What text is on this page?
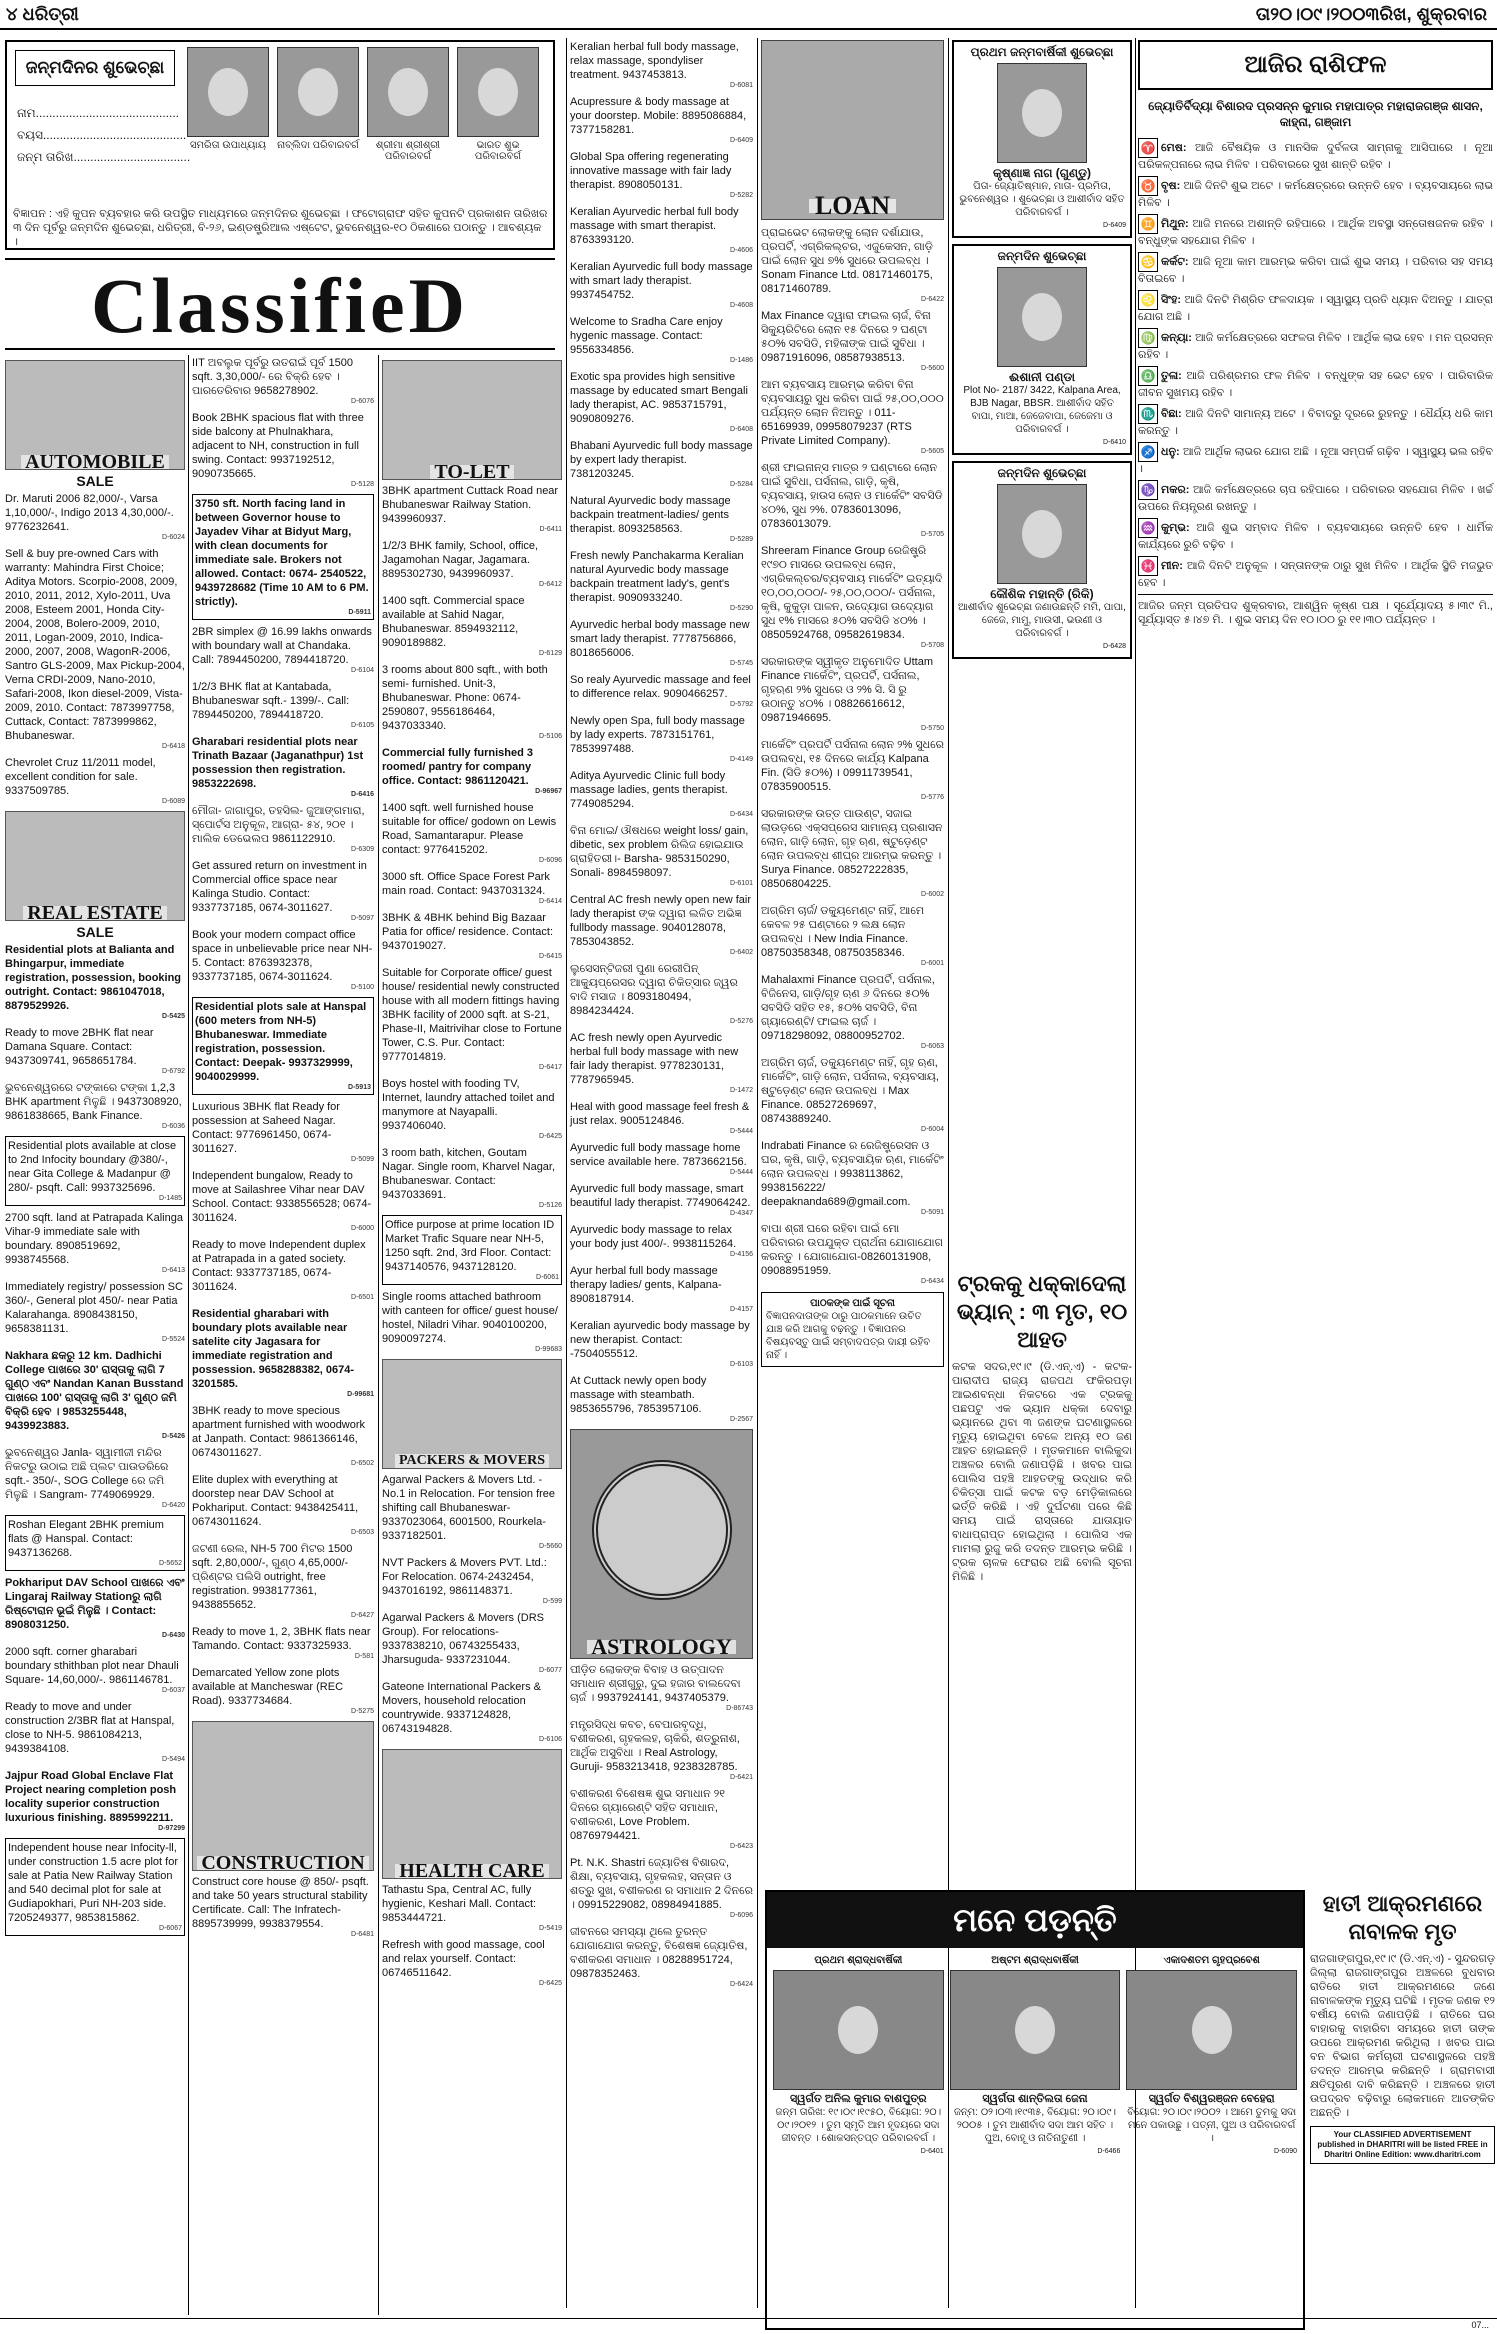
୪ ଧରିତ୍ରୀ	ତା୨୦।୦୯।୨୦୦୩ରିଖ, ଶୁକ୍ରବାର
ଜନ୍ମଦିନର ଶୁଭେଚ୍ଛା
ନାମ...........................................
ବୟସ...........................................
ଜନ୍ମ ତାରିଖ...................................
ସମରିତା ଉପାଧ୍ୟାୟ	ନାବ୍ଲିଦା ପରିବାରବର୍ଗ	ଶ୍ରୀମା ଶ୍ରୀଶ୍ରୀ ପରିବାରବର୍ଗ
ଭାରତ ଶୁଭ ପରିବାରବର୍ଗ
ବିଜ୍ଞାପନ : ଏହି କୁପନ ବ୍ୟବହାର କରି ଉପସ୍ଥିତ ମାଧ୍ୟମରେ ଜନ୍ମଦିନର ଶୁଭେଚ୍ଛା । ଫଟୋଗ୍ରାଫ ସହିତ କୁପନଟି ପ୍ରକାଶନ ତାରିଖର ୩ ଦିନ ପୂର୍ବରୁ ଜନ୍ମଦିନ ଶୁଭେଚ୍ଛା, ଧରିତ୍ରୀ, ବି-୨୬, ଇଣ୍ଡଷ୍ଟ୍ରିଆଲ ଏଷ୍ଟେଟ, ଭୁବନେଶ୍ୱର-୧୦ ଠିକଣାରେ ପଠାନ୍ତୁ । ଆବଶ୍ୟକ ।
ClassifieD
AUTOMOBILE
SALE
Dr. Maruti 2006 82,000/-, Varsa 1,10,000/-, Indigo 2013 4,30,000/-. 9776232641.
D-6024
Sell & buy pre-owned Cars with warranty: Mahindra First Choice; Aditya Motors. Scorpio-2008, 2009, 2010, 2011, 2012, Xylo-2011, Uva 2008, Esteem 2001, Honda City-2004, 2008, Bolero-2009, 2010, 2011, Logan-2009, 2010, Indica-2000, 2007, 2008, WagonR-2006, Santro GLS-2009, Max Pickup-2004, Verna CRDI-2009, Nano-2010, Safari-2008, Ikon diesel-2009, Vista-2009, 2010. Contact: 7873997758, Cuttack, Contact: 7873999862, Bhubaneswar.
D-6418
Chevrolet Cruz 11/2011 model, excellent condition for sale. 9337509785.
D-6089
REAL ESTATE
SALE
Residential plots at Balianta and Bhingarpur, immediate registration, possession, booking outright. Contact: 9861047018, 8879529926.
D-5425
Ready to move 2BHK flat near Damana Square. Contact: 9437309741, 9658651784.
D-6792
ଭୁବନେଶ୍ୱରରେ ଟଙ୍କାରେ ଟଙ୍କା 1,2,3 BHK apartment ମିଳୁଛି । 9437308920, 9861838665, Bank Finance.
D-6036
Residential plots available at close to 2nd Infocity boundary @380/-, near Gita College & Madanpur @ 280/- psqft. Call: 9937325696.
D-1485
2700 sqft. land at Patrapada Kalinga Vihar-9 immediate sale with boundary. 8908519692, 9938745568.
D-6413
Immediately registry/ possession SC 360/-, General plot 450/- near Patia Kalarahanga. 8908438150, 9658381131.
D-5524
Nakhara ଛକରୁ 12 km. Dadhichi College ପାଖରେ 30' ରାସ୍ତାକୁ ଲାଗି 7 ଗୁଣ୍ଠ ଏବଂ Nandan Kanan Busstand ପାଖରେ 100' ରାସ୍ତାକୁ ଲାଗି 3' ଗୁଣ୍ଠ ଜମି ବିକ୍ରି ହେବ । 9853255448, 9439923883.
D-5426
ଭୁବନେଶ୍ୱର Janla- ସ୍ୱାମୀଜୀ ମନ୍ଦିର ନିକଟରୁ ଉଠାଇ ଅଛି ପ୍ଲଟ ପାଉଡରିରେ sqft.- 350/-, SOG College ରେ ଜମି ମିଳୁଛି । Sangram- 7749069929.
D-6420
Roshan Elegant 2BHK premium flats @ Hanspal. Contact: 9437136268.
D-5652
Pokhariput DAV School ପାଖରେ ଏବଂ Lingaraj Railway Stationରୁ ଲାଗି ରିଷ୍ଟୋରାନ ଭୂଇଁ ମିଳୁଛି । Contact: 8908031250.
D-6430
2000 sqft. corner gharabari boundary sthithban plot near Dhauli Square- 14,60,000/-. 9861146781.
D-6037
Ready to move and under construction 2/3BR flat at Hanspal, close to NH-5. 9861084213, 9439384108.
D-5494
Jajpur Road Global Enclave Flat Project nearing completion posh locality superior construction luxurious finishing. 8895992211.
D-97299
Independent house near Infocity-ll, under construction 1.5 acre plot for sale at Patia New Railway Station and 540 decimal plot for sale at Gudiapokhari, Puri NH-203 side. 7205249377, 9853815862.
D-6067
IIT ଅବଲୁକ ପୂର୍ବରୁ ଉତରାଇଁ ପୂର୍ବ 1500 sqft. 3,30,000/- ରେ ବିକ୍ରି ହେବ । ପାରତେରିବାର 9658278902.
D-6076
Book 2BHK spacious flat with three side balcony at Phulnakhara, adjacent to NH, construction in full swing. Contact: 9937192512, 9090735665.
D-5128
3750 sft. North facing land in between Governor house to Jayadev Vihar at Bidyut Marg, with clean documents for immediate sale. Brokers not allowed. Contact: 0674- 2540522, 9439728682 (Time 10 AM to 6 PM. strictly).
D-5911
2BR simplex @ 16.99 lakhs onwards with boundary wall at Chandaka. Call: 7894450200, 7894418720.
D-6104
1/2/3 BHK flat at Kantabada, Bhubaneswar sqft.- 1399/-. Call: 7894450200, 7894418720.
D-6105
Gharabari residential plots near Trinath Bazaar (Jaganathpur) 1st possession then registration. 9853222698.
D-6416
ମୌଜା- ଜାଗାପୁର, ତହସିଲ- ଜୁଆଙ୍ଗମାରା, ସ୍ପୋର୍ଟସ ଅନୁକୂଳ, ଆଗ୍ରା- ୫୪, ୨୦୧ । ମାଲିକ ଡେଭେଲପ 9861122910.
D-6309
Get assured return on investment in Commercial office space near Kalinga Studio. Contact: 9337737185, 0674-3011627.
D-5097
Book your modern compact office space in unbelievable price near NH-5. Contact: 8763932378, 9337737185, 0674-3011624.
D-5100
Residential plots sale at Hanspal (600 meters from NH-5) Bhubaneswar. Immediate registration, possession. Contact: Deepak- 9937329999, 9040029999.
D-5913
Luxurious 3BHK flat Ready for possession at Saheed Nagar. Contact: 9776961450, 0674-3011627.
D-5099
Independent bungalow, Ready to move at Sailashree Vihar near DAV School. Contact: 9338556528; 0674-3011624.
D-6000
Ready to move Independent duplex at Patrapada in a gated society. Contact: 9337737185, 0674-3011624.
D-6501
Residential gharabari with boundary plots available near satelite city Jagasara for immediate registration and possession. 9658288382, 0674-3201585.
D-99681
3BHK ready to move specious apartment furnished with woodwork at Janpath. Contact: 9861366146, 06743011627.
D-6502
Elite duplex with everything at doorstep near DAV School at Pokhariput. Contact: 9438425411, 06743011624.
D-6503
ଜଟଣୀ ରେଲ, NH-5 700 ମିଟର 1500 sqft. 2,80,000/-, ଗୁଣ୍ଠ 4,65,000/- ପ୍ରିଣ୍ଟର ପଲିସି outright, free registration. 9938177361, 9438855652.
D-6427
Ready to move 1, 2, 3BHK flats near Tamando. Contact: 9337325933.
D-581
Demarcated Yellow zone plots available at Mancheswar (REC Road). 9337734684.
D-5275
CONSTRUCTION
Construct core house @ 850/- psqft. and take 50 years structural stability Certificate. Call: The Infratech- 8895739999, 9938379554.
D-6481
TO-LET
3BHK apartment Cuttack Road near Bhubaneswar Railway Station. 9439960937.
D-6411
1/2/3 BHK family, School, office, Jagamohan Nagar, Jagamara. 8895302730, 9439960937.
D-6412
1400 sqft. Commercial space available at Sahid Nagar, Bhubaneswar. 8594932112, 9090189882.
D-6129
3 rooms about 800 sqft., with both semi- furnished. Unit-3, Bhubaneswar. Phone: 0674-2590807, 9556186464, 9437033340.
D-5106
Commercial fully furnished 3 roomed/ pantry for company office. Contact: 9861120421.
D-96967
1400 sqft. well furnished house suitable for office/ godown on Lewis Road, Samantarapur. Please contact: 9776415202.
D-6096
3000 sft. Office Space Forest Park main road. Contact: 9437031324.
D-6414
3BHK & 4BHK behind Big Bazaar Patia for office/ residence. Contact: 9437019027.
D-6415
Suitable for Corporate office/ guest house/ residential newly constructed house with all modern fittings having 3BHK facility of 2000 sqft. at S-21, Phase-II, Maitrivihar close to Fortune Tower, C.S. Pur. Contact: 9777014819.
D-6417
Boys hostel with fooding TV, Internet, laundry attached toilet and manymore at Nayapalli. 9937406040.
D-6425
3 room bath, kitchen, Goutam Nagar. Single room, Kharvel Nagar, Bhubaneswar. Contact: 9437033691.
D-5126
Office purpose at prime location ID Market Trafic Square near NH-5, 1250 sqft. 2nd, 3rd Floor. Contact: 9437140576, 9437128120.
D-6061
Single rooms attached bathroom with canteen for office/ guest house/ hostel, Niladri Vihar. 9040100200, 9090097274.
D-99683
PACKERS & MOVERS
Agarwal Packers & Movers Ltd. - No.1 in Relocation. For tension free shifting call Bhubaneswar- 9337023064, 6001500, Rourkela-9337182501.
D-5660
NVT Packers & Movers PVT. Ltd.: For Relocation. 0674-2432454, 9437016192, 9861148371.
D-599
Agarwal Packers & Movers (DRS Group). For relocations- 9337838210, 06743255433, Jharsuguda- 9337231044.
D-6077
Gateone International Packers & Movers, household relocation countrywide. 9337124828, 06743194828.
D-6106
HEALTH CARE
Tathastu Spa, Central AC, fully hygienic, Keshari Mall. Contact: 9853444721.
D-5419
Refresh with good massage, cool and relax yourself. Contact: 06746511642.
D-6425
Keralian herbal full body massage, relax massage, spondyliser treatment. 9437453813.
D-6081
Acupressure & body massage at your doorstep. Mobile: 8895086884, 7377158281.
D-6409
Global Spa offering regenerating innovative massage with fair lady therapist. 8908050131.
D-5282
Keralian Ayurvedic herbal full body massage with smart therapist. 8763393120.
D-4606
Keralian Ayurvedic full body massage with smart lady therapist. 9937454752.
D-4608
Welcome to Sradha Care enjoy hygenic massage. Contact: 9556334856.
D-1486
Exotic spa provides high sensitive massage by educated smart Bengali lady therapist, AC. 9853715791, 9090809276.
D-6408
Bhabani Ayurvedic full body massage by expert lady therapist. 7381203245.
D-5284
Natural Ayurvedic body massage backpain treatment-ladies/ gents therapist. 8093258563.
D-5289
Fresh newly Panchakarma Keralian natural Ayurvedic body massage backpain treatment lady's, gent's therapist. 9090933240.
D-5290
Ayurvedic herbal body massage new smart lady therapist. 7778756866, 8018656006.
D-5745
So realy Ayurvedic massage and feel to difference relax. 9090466257.
D-5792
Newly open Spa, full body massage by lady experts. 7873151761, 7853997488.
D-4149
Aditya Ayurvedic Clinic full body massage ladies, gents therapist. 7749085294.
D-6434
ବିନା ମୋଇ/ ଔଷଧରେ weight loss/ gain, dibetic, sex problem ରିଲିଜ ହୋଇଯାଉ ଗ୍ରାହିତରୀ।- Barsha- 9853150290, Sonali- 8984598097.
D-6101
Central AC fresh newly open new fair lady therapist ଙ୍କ ଦ୍ୱାରା ଲଳିତ ଅଭିଜ୍ଞ fullbody massage. 9040128078, 7853043852.
D-6402
ଲୁସେସନ୍‌ଟିଜରୀ ପୁଣା ରେରୀପିନ୍‌ ଆକ୍ୟୁପ୍ରେସର ଦ୍ୱାରା ଚିକିତ୍ସାର ଜ୍ୱର ବାଦି ମସାଜ । 8093180494, 8984234424.
D-5276
AC fresh newly open Ayurvedic herbal full body massage with new fair lady therapist. 9778230131, 7787965945.
D-1472
Heal with good massage feel fresh & just relax. 9005124846.
D-5444
Ayurvedic full body massage home service available here. 7873662156.
D-5444
Ayurvedic full body massage, smart beautiful lady therapist. 7749064242.
D-4347
Ayurvedic body massage to relax your body just 400/-. 9938115264.
D-4156
Ayur herbal full body massage therapy ladies/ gents, Kalpana- 8908187914.
D-4157
Keralian ayurvedic body massage by new therapist. Contact: -7504055512.
D-6103
At Cuttack newly open body massage with steambath. 9853655796, 7853957106.
D-2567
ASTROLOGY
ପୀଡ଼ିତ ଲୋକଙ୍କ ବିବାହ ଓ ଉତ୍ପାଦନ ସମାଧାନ ଶ୍ରୀଗୁରୁ, ଦୁଇ ହଜାର ବାଲଦେବା ଚାର୍ଜ । 9937924141, 9437405379.
D-86743
ମନ୍ତ୍ରସିଦ୍ଧ କବଚ, ବେପାରବୃଦ୍ଧି, ବଶୀକରଣ, ଗୃହକଲହ, ଚାକିରି, ଶତ୍ରୁନାଶ, ଆର୍ଥିକ ଅସୁବିଧା । Real Astrology, Guruji- 9583213418, 9238328785.
D-6421
ବଶୀକରଣ ବିଶେଷଜ୍ଞ ଶୁଭ ସମାଧାନ ୨୧ ଦିନରେ ଗ୍ୟାରେଣ୍ଟି ସହିତ ସମାଧାନ, ବଶୀକରଣ, Love Problem. 08769794421.
D-6423
Pt. N.K. Shastri ଜ୍ୟୋତିଷ ବିଶାରଦ, ଶିକ୍ଷା, ବ୍ୟବସାୟ, ଗୃହକଲହ, ସନ୍ତାନ ଓ ଶତ୍ରୁ ସୁଖ, ବଶୀକରଣ ର ସମାଧାନ 2 ଦିନରେ । 09915229082, 08984941885.
D-6096
ଜୀବନରେ ସମସ୍ୟା ଥିଲେ ତୁରନ୍ତ ଯୋଗାଯୋଗ କରନ୍ତୁ, ବିଶେଷଜ୍ଞ ଜ୍ୟୋତିଷ, ବଶୀକରଣ ସମାଧାନ । 08288951724, 09878352463.
D-6424
LOAN
ପ୍ରାଇଭେଟ ଲୋକଙ୍କୁ ଲୋନ ଦର୍ଶାଯାଉ, ପ୍ରପର୍ଟି, ଏଗ୍ରିକଲ୍ଚର, ଏଜୁକେସନ, ଗାଡ଼ି ପାଇଁ ଲୋନ ସୁଧ ୭% ସୁଧରେ ଉପଲବ୍ଧ । Sonam Finance Ltd. 08171460175, 08171460789.
D-6422
Max Finance ଦ୍ୱାରା ଫାଇଲ ଚାର୍ଜ, ବିନା ସିକ୍ୟୁରିଟିରେ ଲୋନ ୧୫ ଦିନରେ ୨ ଘଣ୍ଟା ୫୦% ସବସିଡି, ମହିଳାଙ୍କ ପାଇଁ ସୁବିଧା । 09871916096, 08587938513.
D-5600
ଆମ ବ୍ୟବସାୟ ଆରମ୍ଭ କରିବା ବିନା ବ୍ୟବସାୟରୁ ସୁଧ କରିବା ପାଇଁ ୨୫,୦୦,୦୦୦ ପର୍ଯ୍ୟନ୍ତ ଲୋନ ନିଅନ୍ତୁ । 011-65169939, 09958079237 (RTS Private Limited Company).
D-5605
ଶ୍ରୀ ଫାଇନାନ୍ସ ମାତ୍ର ୨ ଘଣ୍ଟାରେ ଲୋନ ପାଇଁ ସୁବିଧା, ପର୍ସନାଲ, ଗାଡ଼ି, କୃଷି, ବ୍ୟବସାୟ, ହାଉସ ଲୋନ ଓ ମାର୍କେଟିଂ ସବସିଡି ୪୦%, ସୁଧ ୨%. 07836013096, 07836013079.
D-5705
Shreeram Finance Group ରେଜିଷ୍ଟ୍ରି ୧୯୭୦ ମାସରେ ଉପଲବ୍ଧ ଲୋନ, ଏଗ୍ରିକଲ୍ଚର/ବ୍ୟବସାୟ ମାର୍କେଟିଂ ଇତ୍ୟାଦି ୧୦,୦୦,୦୦୦/- ୨୫,୦୦,୦୦୦/- ପର୍ସନାଲ, କୃଷି, କୁକୁଡ଼ା ପାଳନ, ଉଦ୍ୟୋଗ ଉଦ୍ୟୋଗ ସୁଧ ୧% ମାସରେ ୫୦% ସବସିଡି ୪୦% । 08505924768, 09582619834.
D-5708
ସରକାରଙ୍କ ସ୍ୱୀକୃତ ଅନୁମୋଦିତ Uttam Finance ମାର୍କେଟିଂ, ପ୍ରପର୍ଟି, ପର୍ସନାଲ, ଗୃହଋଣ ୨% ସୁଧରେ ଓ ୨% ସି. ସି ରୁ ଉଠାନ୍ତୁ ୪୦% । 08826616612, 09871946695.
D-5750
ମାର୍କେଟିଂ ପ୍ରପର୍ଟି ପର୍ସନାଲ ଲୋନ ୨% ସୁଧରେ ଉପଲବ୍ଧ, ୧୫ ଦିନରେ କାର୍ଯ୍ୟ Kalpana Fin. (ସିଡି ୫୦%) । 09911739541, 07835900515.
D-5776
ସରକାରଙ୍କ ଉତ୍ତ ପାଉଣ୍ଟ, ସଜାଇ ଲାଉଡ଼ରେ ଏକ୍ସପ୍ରେସ ସାମାନ୍ୟ ପ୍ରଶାସନ ଲୋନ, ଗାଡ଼ି ଲୋନ, ଗୃହ ଋଣ, ଷ୍ଟୁଡ଼େଣ୍ଟ ଲୋନ ଉପଲବ୍ଧ ଶୀଘ୍ର ଆରମ୍ଭ କରନ୍ତୁ । Surya Finance. 08527222835, 08506804225.
D-6002
ଅଗ୍ରିମ ଚାର୍ଜ/ ଡକ୍ୟୁମେଣ୍ଟ ନାହିଁ, ଆମେ କେବଳ ୨୫ ଘଣ୍ଟାରେ ୨ ଲକ୍ଷ ଲୋନ ଉପଲବ୍ଧ । New India Finance. 08750358348, 08750358346.
D-6001
Mahalaxmi Finance ପ୍ରପର୍ଟି, ପର୍ସନାଲ, ବିଜିନେସ, ଗାଡ଼ି/ଗୃହ ଋଣ ୬ ଦିନରେ ୫୦% ସବସିଡି ସହିତ ୧୫, ୫୦% ସବସିଡି, ବିନା ଗ୍ୟାରେଣ୍ଟି/ ଫାଇଲ ଚାର୍ଜ । 09718298092, 08800952702.
D-6063
ଅଗ୍ରିମ ଚାର୍ଜ, ଡକ୍ୟୁମେଣ୍ଟ ନାହିଁ, ଗୃହ ଋଣ, ମାର୍କେଟିଂ, ଗାଡ଼ି ଲୋନ, ପର୍ସନାଲ, ବ୍ୟବସାୟ, ଷ୍ଟୁଡ଼େଣ୍ଟ ଲୋନ ଉପଲବ୍ଧ । Max Finance. 08527269697, 08743889240.
D-6004
Indrabati Finance ର ରେଜିଷ୍ଟ୍ରେସନ ଓ ଘର, କୃଷି, ଗାଡ଼ି, ବ୍ୟବସାୟିକ ଋଣ, ମାର୍କେଟିଂ ଲୋନ ଉପଲବ୍ଧ । 9938113862, 9938156222/ deepaknanda689@gmail.com.
D-5091
ବାପା ଶ୍ରୀ ଘରେ ରହିବା ପାଇଁ ମୋ ପରିବାରର ଉପଯୁକ୍ତ ପ୍ରାର୍ଥନା ଯୋଗାଯୋଗ କରନ୍ତୁ । ଯୋଗାଯୋଗ-08260131908, 09088951959.
D-6434
ପାଠକଙ୍କ ପାଇଁ ସୂଚନା
ବିଜ୍ଞାପନଦାତାଙ୍କ ଠାରୁ ପାଠକମାନେ ଉଚିତ ଯାଞ୍ଚ କରି ଆଗକୁ ବଢ଼ନ୍ତୁ । ବିଜ୍ଞାପନର ବିଷୟବସ୍ତୁ ପାଇଁ ସମ୍ବାଦପତ୍ର ଦାୟୀ ରହିବ ନାହିଁ ।
ପ୍ରଥମ ଜନ୍ମବାର୍ଷିକୀ ଶୁଭେଚ୍ଛା
କୃଷ୍ଣାଜ୍ଞ ନାଗ (ଗୁଣ୍ଡୁ)
ପିତା- ଜ୍ୟୋତିଷ୍ମାନ, ମାତା- ପ୍ରମିତା, ଭୁବନେଶ୍ୱର । ଶୁଭେଚ୍ଛା ଓ ଆଶୀର୍ବାଦ ସହିତ ପରିବାରବର୍ଗ ।
D-6409
ଜନ୍ମଦିନ ଶୁଭେଚ୍ଛା
ଈଶାନୀ ପଣ୍ଡା
Plot No- 2187/ 3422, Kalpana Area, BJB Nagar, BBSR. ଆଶୀର୍ବାଦ ସହିତ ବାପା, ମାଆ, ଜେଜେବାପା, ଜେଜେମା ଓ ପରିବାରବର୍ଗ ।
D-6410
ଜନ୍ମଦିନ ଶୁଭେଚ୍ଛା
କୌଶିକ ମହାନ୍ତି (ରିକି)
ଆଶୀର୍ବାଦ ଶୁଭେଚ୍ଛା ଜଣାଉଛନ୍ତି ମମି, ପାପା, ଜେଜେ, ମାମୁ, ମାଉସୀ, ଭଉଣୀ ଓ ପରିବାରବର୍ଗ ।
D-6428
ଟ୍ରକକୁ ଧକ୍କାଦେଲା ଭ୍ୟାନ୍ : ୩ ମୃତ, ୧୦ ଆହତ

କଟକ ସଦର,୧୯।୯ (ଡି.ଏନ୍.ଏ) - କଟକ-ପାରାଦୀପ ରାଜ୍ୟ ରାଜପଥ ଫକିରପଡ଼ା ଆଇଣବନ୍ଧା ନିକଟରେ ଏକ ଟ୍ରକକୁ ପଛପଟୁ ଏକ ଭ୍ୟାନ ଧକ୍କା ଦେବାରୁ ଭ୍ୟାନରେ ଥିବା ୩ ଜଣଙ୍କ ଘଟଣାସ୍ଥଳରେ ମୃତ୍ୟୁ ହୋଇଥିବା ବେଳେ ଅନ୍ୟ ୧୦ ଜଣ ଆହତ ହୋଇଛନ୍ତି । ମୃତକମାନେ ବାଲିକୁଦା ଅଞ୍ଚଳର ବୋଲି ଜଣାପଡ଼ିଛି । ଖବର ପାଇ ପୋଲିସ ପହଞ୍ଚି ଆହତଙ୍କୁ ଉଦ୍ଧାର କରି ଚିକିତ୍ସା ପାଇଁ କଟକ ବଡ଼ ମେଡ଼ିକାଲରେ ଭର୍ତ୍ତି କରିଛି । ଏହି ଦୁର୍ଘଟଣା ପରେ କିଛି ସମୟ ପାଇଁ ରାସ୍ତାରେ ଯାତାୟାତ ବାଧାପ୍ରାପ୍ତ ହୋଇଥିଲା । ପୋଲିସ ଏକ ମାମଲା ରୁଜୁ କରି ତଦନ୍ତ ଆରମ୍ଭ କରିଛି । ଟ୍ରକ ଚାଳକ ଫେରାର ଅଛି ବୋଲି ସୂଚନା ମିଳିଛି ।

ଆଜିର ରାଶିଫଳ
ଜ୍ୟୋତିର୍ବିଦ୍ୟା ବିଶାରଦ ପ୍ରସନ୍ନ କୁମାର ମହାପାତ୍ର ମହାରାଜଗଞ୍ଜ ଶାସନ, କାହ୍ନା, ଗଞ୍ଜାମ
♈ ମେଷ: ଆଜି ବୈଷୟିକ ଓ ମାନସିକ ଦୁର୍ବଳତା ସାମ୍ନାକୁ ଆସିପାରେ । ନୂଆ ପରିକଳ୍ପନାରେ ଲାଭ ମିଳିବ । ପରିବାରରେ ସୁଖ ଶାନ୍ତି ରହିବ ।
♉ ବୃଷ: ଆଜି ଦିନଟି ଶୁଭ ଅଟେ । କର୍ମକ୍ଷେତ୍ରରେ ଉନ୍ନତି ହେବ । ବ୍ୟବସାୟରେ ଲାଭ ମିଳିବ ।
♊ ମିଥୁନ: ଆଜି ମନରେ ଅଶାନ୍ତି ରହିପାରେ । ଆର୍ଥିକ ଅବସ୍ଥା ସନ୍ତୋଷଜନକ ରହିବ । ବନ୍ଧୁଙ୍କ ସହଯୋଗ ମିଳିବ ।
♋ କର୍କଟ: ଆଜି ନୂଆ କାମ ଆରମ୍ଭ କରିବା ପାଇଁ ଶୁଭ ସମୟ । ପରିବାର ସହ ସମୟ ବିତାଇବେ ।
♌ ସିଂହ: ଆଜି ଦିନଟି ମିଶ୍ରିତ ଫଳଦାୟକ । ସ୍ୱାସ୍ଥ୍ୟ ପ୍ରତି ଧ୍ୟାନ ଦିଅନ୍ତୁ । ଯାତ୍ରା ଯୋଗ ଅଛି ।
♍ କନ୍ୟା: ଆଜି କର୍ମକ୍ଷେତ୍ରରେ ସଫଳତା ମିଳିବ । ଆର୍ଥିକ ଲାଭ ହେବ । ମନ ପ୍ରସନ୍ନ ରହିବ ।
♎ ତୁଳା: ଆଜି ପରିଶ୍ରମର ଫଳ ମିଳିବ । ବନ୍ଧୁଙ୍କ ସହ ଭେଟ ହେବ । ପାରିବାରିକ ଜୀବନ ସୁଖମୟ ରହିବ ।
♏ ବିଛା: ଆଜି ଦିନଟି ସାମାନ୍ୟ ଅଟେ । ବିବାଦରୁ ଦୂରରେ ରୁହନ୍ତୁ । ଧୈର୍ଯ୍ୟ ଧରି କାମ କରନ୍ତୁ ।
♐ ଧନୁ: ଆଜି ଆର୍ଥିକ ଲାଭର ଯୋଗ ଅଛି । ନୂଆ ସମ୍ପର୍କ ଗଢ଼ିବ । ସ୍ୱାସ୍ଥ୍ୟ ଭଲ ରହିବ ।
♑ ମକର: ଆଜି କର୍ମକ୍ଷେତ୍ରରେ ଚାପ ରହିପାରେ । ପରିବାରର ସହଯୋଗ ମିଳିବ । ଖର୍ଚ୍ଚ ଉପରେ ନିୟନ୍ତ୍ରଣ ରଖନ୍ତୁ ।
♒ କୁମ୍ଭ: ଆଜି ଶୁଭ ସମ୍ବାଦ ମିଳିବ । ବ୍ୟବସାୟରେ ଉନ୍ନତି ହେବ । ଧାର୍ମିକ କାର୍ଯ୍ୟରେ ରୁଚି ବଢ଼ିବ ।
♓ ମୀନ: ଆଜି ଦିନଟି ଅନୁକୂଳ । ସନ୍ତାନଙ୍କ ଠାରୁ ସୁଖ ମିଳିବ । ଆର୍ଥିକ ସ୍ଥିତି ମଜଭୁତ ହେବ ।
ଆଜିର ଜନ୍ମ ପ୍ରତିପଦ ଶୁକ୍ରବାର, ଆଶ୍ୱିନ କୃଷ୍ଣ ପକ୍ଷ । ସୂର୍ଯ୍ୟୋଦୟ ୫।୩୯ ମି., ସୂର୍ଯ୍ୟାସ୍ତ ୫।୪୭ ମି. । ଶୁଭ ସମୟ ଦିନ ୧୦।୦୦ ରୁ ୧୧।୩୦ ପର୍ଯ୍ୟନ୍ତ ।
ମନେ ପଡ଼ନ୍ତି
ପ୍ରଥମ ଶ୍ରାଦ୍ଧବାର୍ଷିକୀ
ସ୍ୱର୍ଗତ ଅନିଲ କୁମାର ବାଶପୁତ୍ର
ଜନ୍ମ ତାରିଖ: ୧୯।୦୯।୧୯୫୦, ବିୟୋଗ: ୨୦।୦୯।୨୦୧୨ । ତୁମ ସ୍ମୃତି ଆମ ହୃଦୟରେ ସଦା ଜୀବନ୍ତ । ଶୋକସନ୍ତପ୍ତ ପରିବାରବର୍ଗ ।
D-6401
ଅଷ୍ଟମ ଶ୍ରାଦ୍ଧବାର୍ଷିକୀ
ସ୍ୱର୍ଗତା ଶାନ୍ତିଲତା ଜେନା
ଜନ୍ମ: ୦୨।୦୩।୧୯୩୫, ବିୟୋଗ: ୨୦।୦୯।୨୦୦୫ । ତୁମ ଆଶୀର୍ବାଦ ସଦା ଆମ ସହିତ । ପୁଅ, ବୋହୂ ଓ ନାତିନାତୁଣୀ ।
D-6466
ଏକାଦଶତମ ଗୃହପ୍ରବେଶ
ସ୍ୱର୍ଗତ ବିଶ୍ୱରଞ୍ଜନ ବେହେରା
ବିୟୋଗ: ୨୦।୦୯।୨୦୦୨ । ଆମେ ତୁମକୁ ସଦା ମନେ ପକାଉଛୁ । ପତ୍ନୀ, ପୁଅ ଓ ପରିବାରବର୍ଗ ।
D-6090
ହାତୀ ଆକ୍ରମଣରେ ନାବାଳକ ମୃତ

ରାଜଗାଙ୍ଗପୁର,୧୯।୯ (ଡି.ଏନ୍.ଏ) - ସୁନ୍ଦରଗଡ଼ ଜିଲ୍ଲା ରାଜଗାଙ୍ଗପୁର ଅଞ୍ଚଳରେ ବୁଧବାର ରାତିରେ ହାତୀ ଆକ୍ରମଣରେ ଜଣେ ନାବାଳକଙ୍କ ମୃତ୍ୟୁ ଘଟିଛି । ମୃତକ ଜଣକ ୧୨ ବର୍ଷୀୟ ବୋଲି ଜଣାପଡ଼ିଛି । ରାତିରେ ଘର ବାହାରକୁ ବାହାରିବା ସମୟରେ ହାତୀ ତାଙ୍କ ଉପରେ ଆକ୍ରମଣ କରିଥିଲା । ଖବର ପାଇ ବନ ବିଭାଗ କର୍ମଚାରୀ ଘଟଣାସ୍ଥଳରେ ପହଞ୍ଚି ତଦନ୍ତ ଆରମ୍ଭ କରିଛନ୍ତି । ଗ୍ରାମବାସୀ କ୍ଷତିପୂରଣ ଦାବି କରିଛନ୍ତି । ଅଞ୍ଚଳରେ ହାତୀ ଉପଦ୍ରବ ବଢ଼ିବାରୁ ଲୋକମାନେ ଆତଙ୍କିତ ଅଛନ୍ତି ।

Your CLASSIFIED ADVERTISEMENT published in DHARITRI will be listed FREE in Dharitri Online Edition: www.dharitri.com
07...
